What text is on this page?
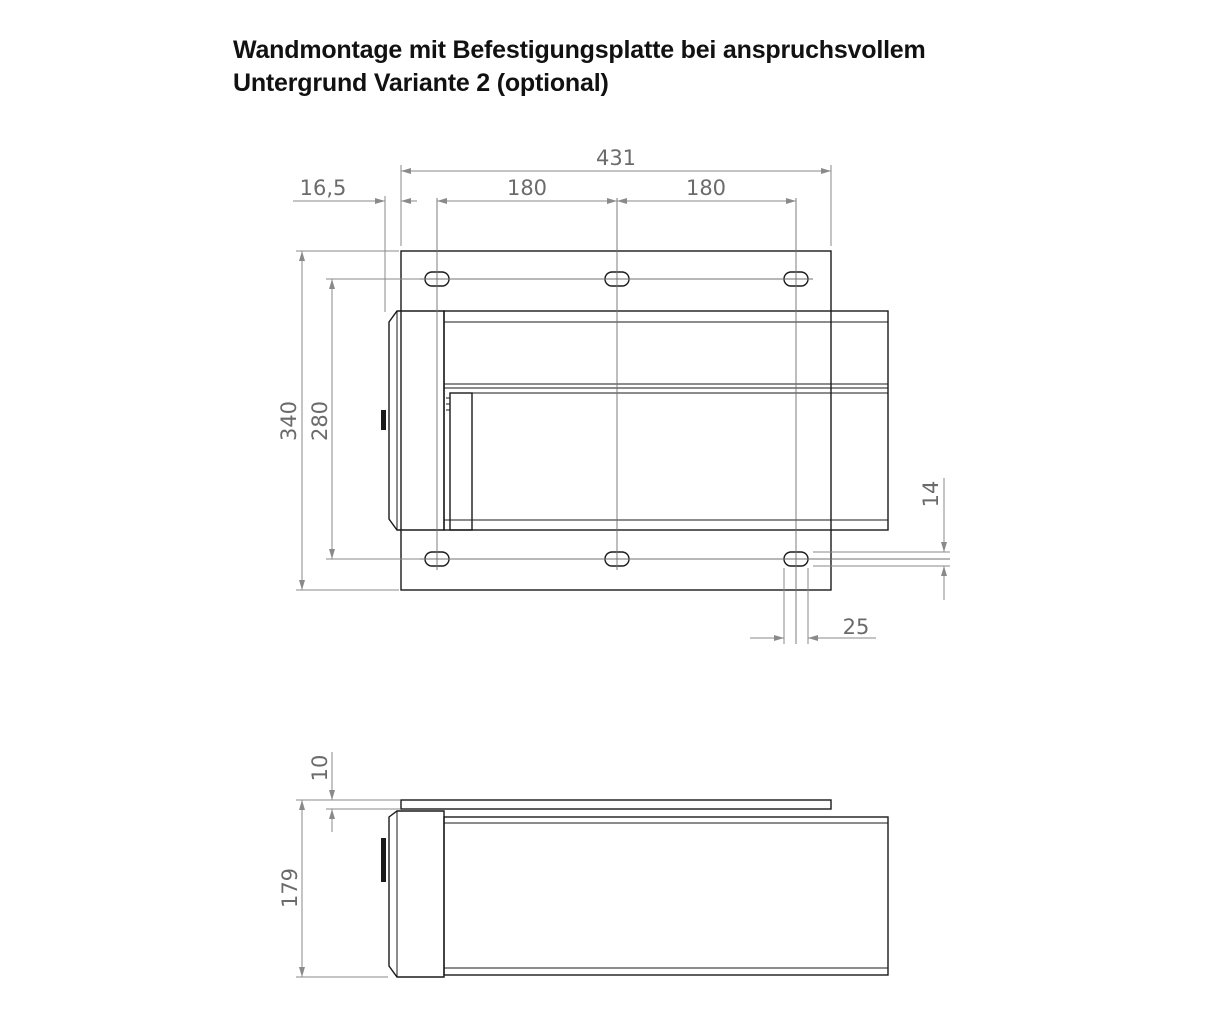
Wandmontage mit Befestigungsplatte bei anspruchsvollem
Untergrund Variante 2 (optional)
431
180	180
16,5
340 280
14
25
10
179
